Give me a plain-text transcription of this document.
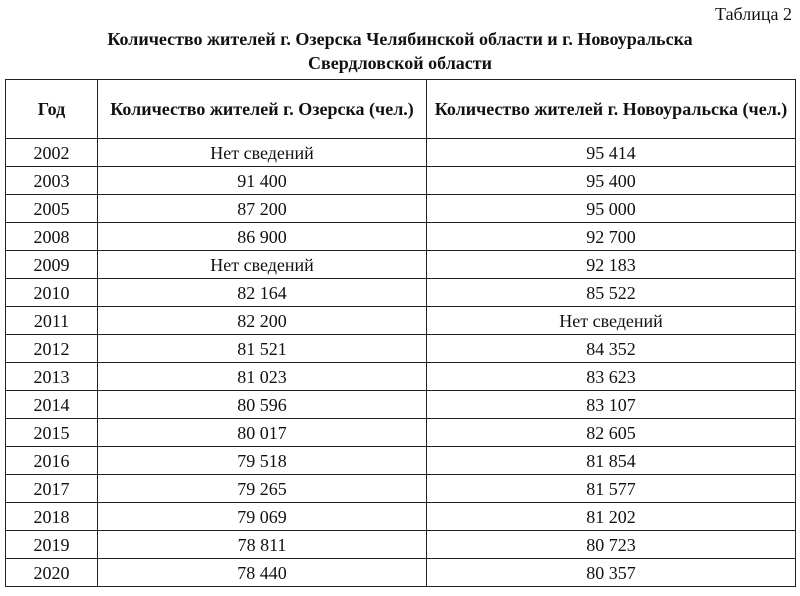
Таблица 2
Количество жителей г. Озерска Челябинской области и г. Новоуральска
Свердловской области
Год	Количество жителей г. Озерска (чел.)	Количество жителей г. Новоуральска (чел.)
2002	Нет сведений	95 414
2003	91 400	95 400
2005	87 200	95 000
2008	86 900	92 700
2009	Нет сведений	92 183
2010	82 164	85 522
2011	82 200	Нет сведений
2012	81 521	84 352
2013	81 023	83 623
2014	80 596	83 107
2015	80 017	82 605
2016	79 518	81 854
2017	79 265	81 577
2018	79 069	81 202
2019	78 811	80 723
2020	78 440	80 357
